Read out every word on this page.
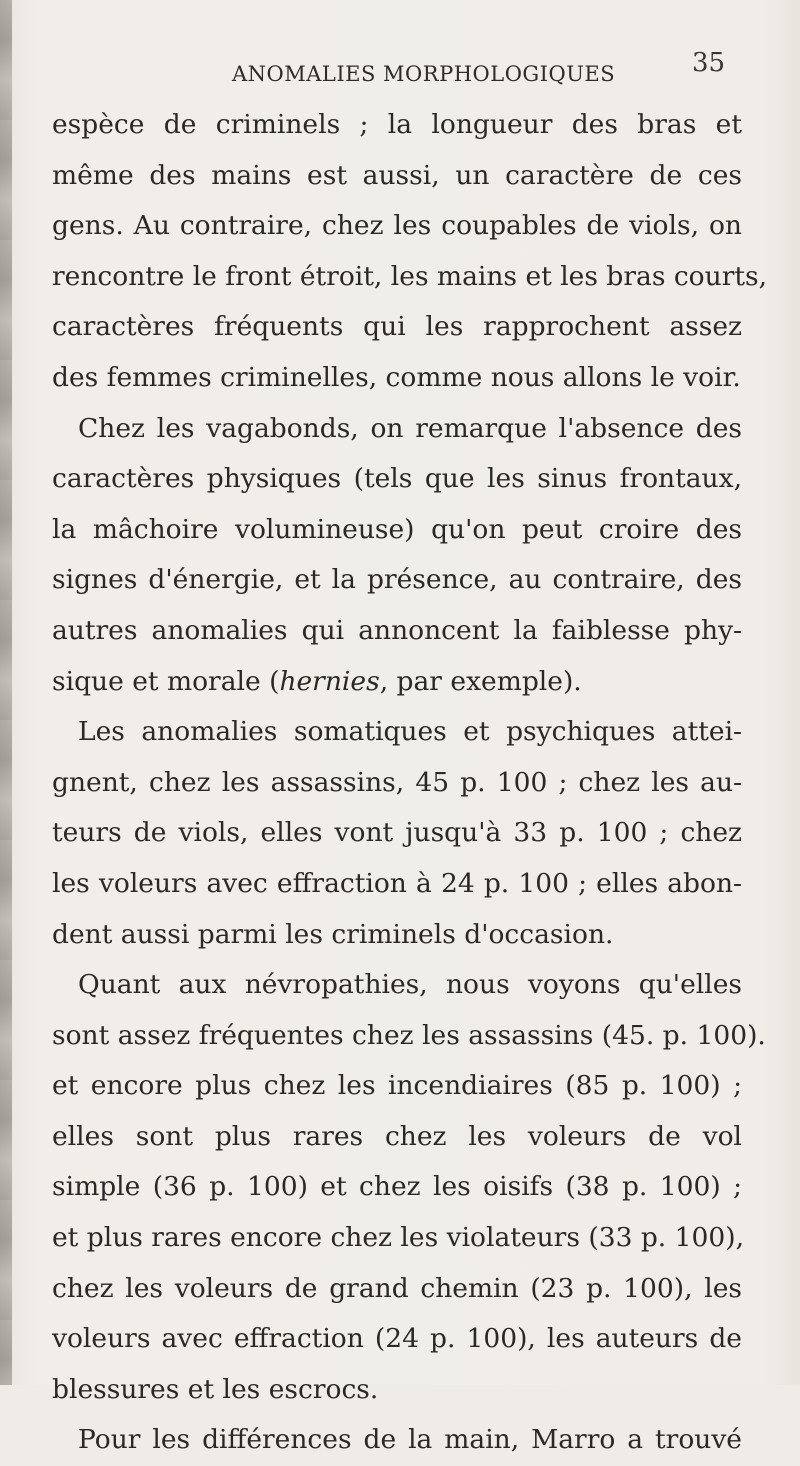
ANOMALIES MORPHOLOGIQUES	35
espèce de criminels ; la longueur des bras et
même des mains est aussi, un caractère de ces
gens. Au contraire, chez les coupables de viols, on
rencontre le front étroit, les mains et les bras courts,
caractères fréquents qui les rapprochent assez
des femmes criminelles, comme nous allons le voir.
Chez les vagabonds, on remarque l'absence des
caractères physiques (tels que les sinus frontaux,
la mâchoire volumineuse) qu'on peut croire des
signes d'énergie, et la présence, au contraire, des
autres anomalies qui annoncent la faiblesse phy-
sique et morale (hernies, par exemple).
Les anomalies somatiques et psychiques attei-
gnent, chez les assassins, 45 p. 100 ; chez les au-
teurs de viols, elles vont jusqu'à 33 p. 100 ; chez
les voleurs avec effraction à 24 p. 100 ; elles abon-
dent aussi parmi les criminels d'occasion.
Quant aux névropathies, nous voyons qu'elles
sont assez fréquentes chez les assassins (45. p. 100).
et encore plus chez les incendiaires (85 p. 100) ;
elles sont plus rares chez les voleurs de vol
simple (36 p. 100) et chez les oisifs (38 p. 100) ;
et plus rares encore chez les violateurs (33 p. 100),
chez les voleurs de grand chemin (23 p. 100), les
voleurs avec effraction (24 p. 100), les auteurs de
blessures et les escrocs.
Pour les différences de la main, Marro a trouvé
